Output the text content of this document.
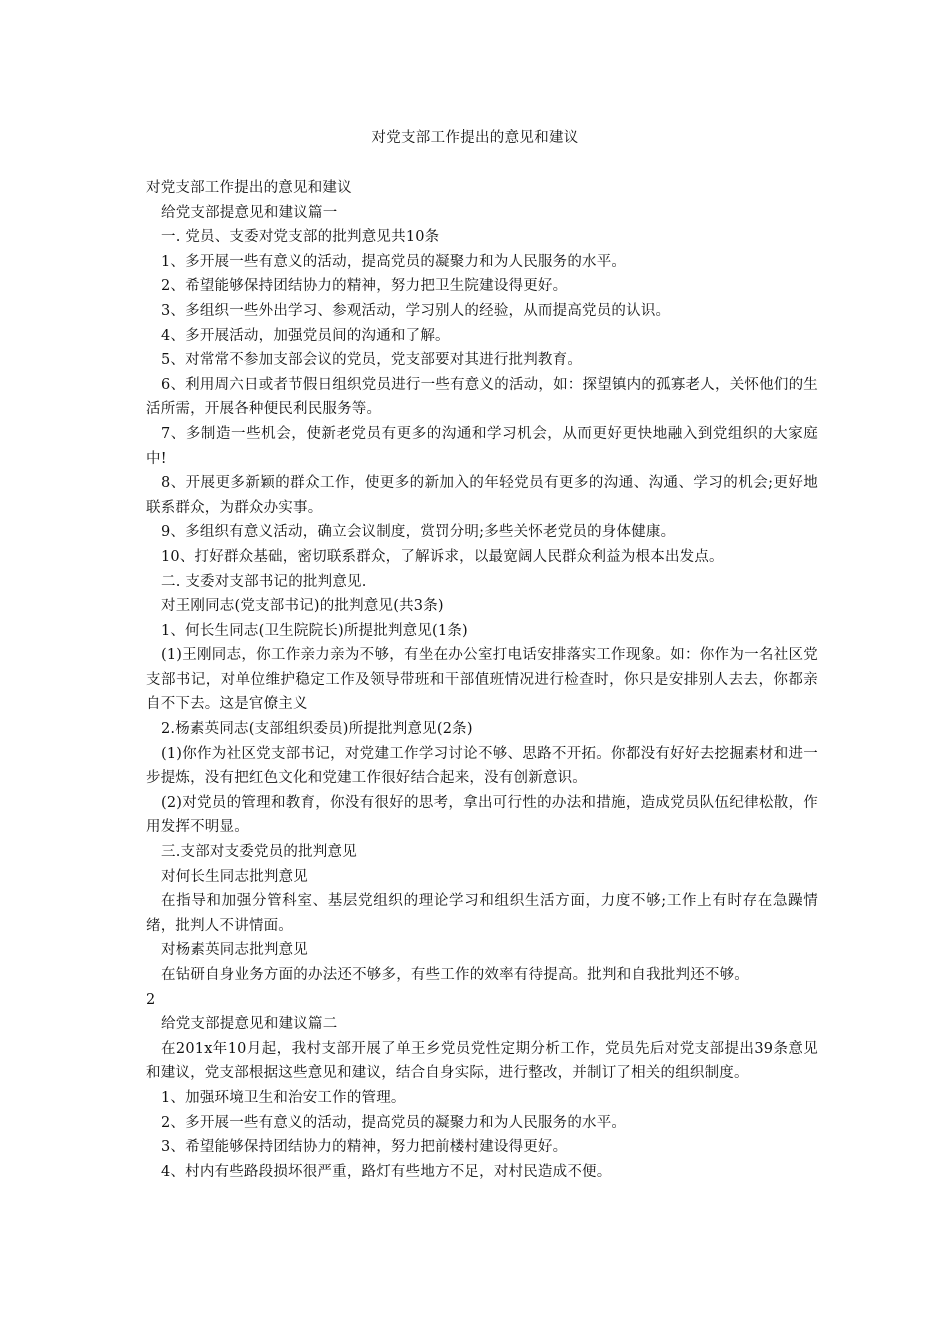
对党支部工作提出的意见和建议

对党支部工作提出的意见和建议

给党支部提意见和建议篇一

一. 党员、支委对党支部的批判意见共10条

1、多开展一些有意义的活动，提高党员的凝聚力和为人民服务的水平。

2、希望能够保持团结协力的精神，努力把卫生院建设得更好。

3、多组织一些外出学习、参观活动，学习别人的经验，从而提高党员的认识。

4、多开展活动，加强党员间的沟通和了解。

5、对常常不参加支部会议的党员，党支部要对其进行批判教育。

6、利用周六日或者节假日组织党员进行一些有意义的活动，如：探望镇内的孤寡老人，关怀他们的生活所需，开展各种便民利民服务等。

7、多制造一些机会，使新老党员有更多的沟通和学习机会，从而更好更快地融入到党组织的大家庭中!

8、开展更多新颖的群众工作，使更多的新加入的年轻党员有更多的沟通、沟通、学习的机会;更好地联系群众，为群众办实事。

9、多组织有意义活动，确立会议制度，赏罚分明;多些关怀老党员的身体健康。

10、打好群众基础，密切联系群众，了解诉求，以最宽阔人民群众利益为根本出发点。

二. 支委对支部书记的批判意见.

对王刚同志(党支部书记)的批判意见(共3条)

1、何长生同志(卫生院院长)所提批判意见(1条)

(1)王刚同志，你工作亲力亲为不够，有坐在办公室打电话安排落实工作现象。如：你作为一名社区党支部书记，对单位维护稳定工作及领导带班和干部值班情况进行检查时，你只是安排别人去去，你都亲自不下去。这是官僚主义

2.杨素英同志(支部组织委员)所提批判意见(2条)

(1)你作为社区党支部书记，对党建工作学习讨论不够、思路不开拓。你都没有好好去挖掘素材和进一步提炼，没有把红色文化和党建工作很好结合起来，没有创新意识。

(2)对党员的管理和教育，你没有很好的思考，拿出可行性的办法和措施，造成党员队伍纪律松散，作用发挥不明显。

三.支部对支委党员的批判意见

对何长生同志批判意见

在指导和加强分管科室、基层党组织的理论学习和组织生活方面，力度不够;工作上有时存在急躁情绪，批判人不讲情面。

对杨素英同志批判意见

在钻研自身业务方面的办法还不够多，有些工作的效率有待提高。批判和自我批判还不够。

2

给党支部提意见和建议篇二

在201x年10月起，我村支部开展了单王乡党员党性定期分析工作，党员先后对党支部提出39条意见和建议，党支部根据这些意见和建议，结合自身实际，进行整改，并制订了相关的组织制度。

1、加强环境卫生和治安工作的管理。

2、多开展一些有意义的活动，提高党员的凝聚力和为人民服务的水平。

3、希望能够保持团结协力的精神，努力把前楼村建设得更好。

4、村内有些路段损坏很严重，路灯有些地方不足，对村民造成不便。
